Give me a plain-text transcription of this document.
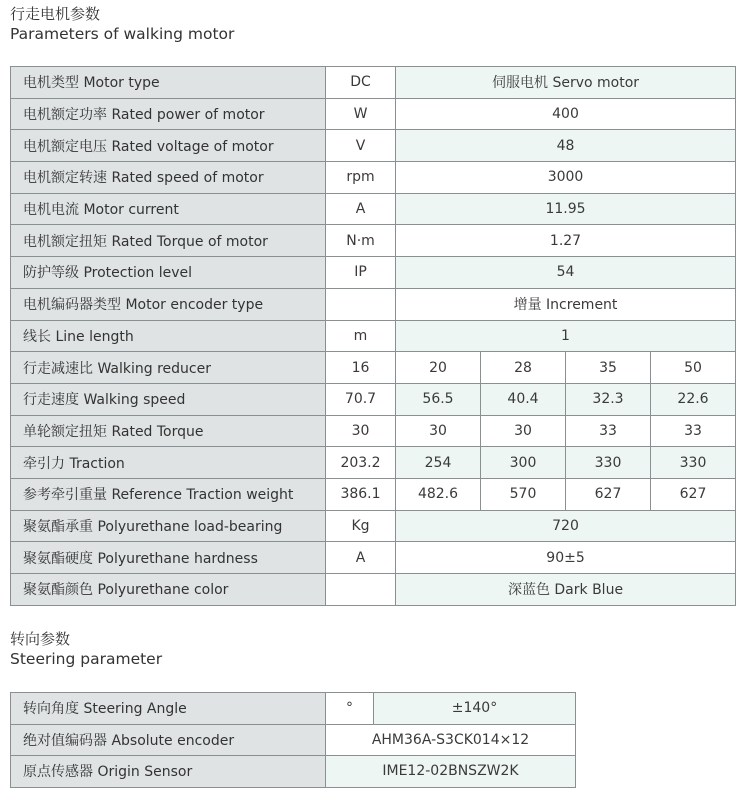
行走电机参数
Parameters of walking motor
电机类型 Motor type	DC	伺服电机 Servo motor			
电机额定功率 Rated power of motor	W	400			
电机额定电压 Rated voltage of motor	V	48			
电机额定转速 Rated speed of motor	rpm	3000			
电机电流 Motor current	A	11.95			
电机额定扭矩 Rated Torque of motor	N·m	1.27			
防护等级 Protection level	IP	54			
电机编码器类型 Motor encoder type		增量 Increment			
线长 Line length	m	1			
行走减速比 Walking reducer	16	20	28	35	50
行走速度 Walking speed	70.7	56.5	40.4	32.3	22.6
单轮额定扭矩 Rated Torque	30	30	30	33	33
牵引力 Traction	203.2	254	300	330	330
参考牵引重量 Reference Traction weight	386.1	482.6	570	627	627
聚氨酯承重 Polyurethane load-bearing	Kg	720			
聚氨酯硬度 Polyurethane hardness	A	90±5			
聚氨酯颜色 Polyurethane color		深蓝色 Dark Blue			
转向参数
Steering parameter
转向角度 Steering Angle	°	±140°
绝对值编码器 Absolute encoder	AHM36A-S3CK014×12	
原点传感器 Origin Sensor	IME12-02BNSZW2K	
